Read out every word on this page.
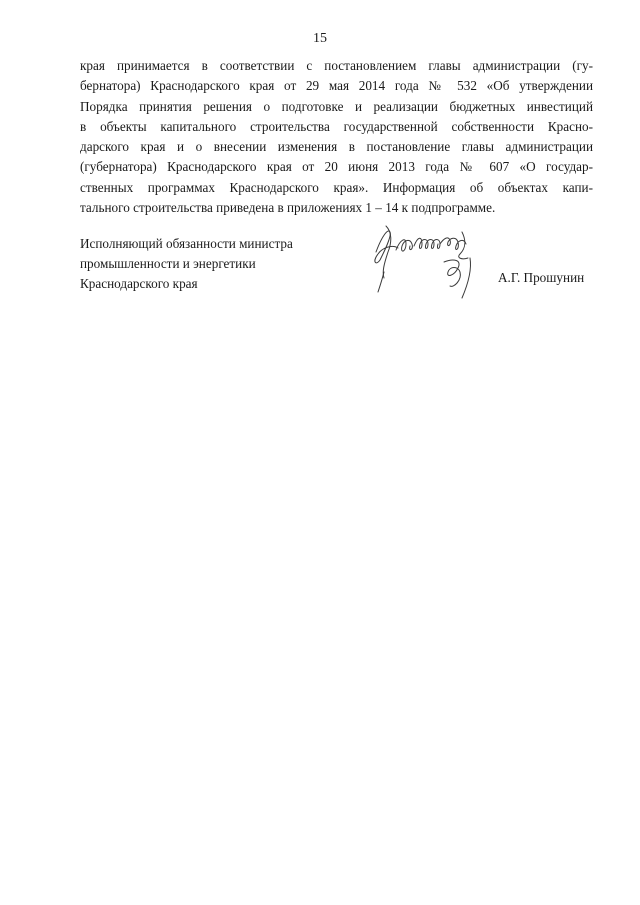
15
края принимается в соответствии с постановлением главы администрации (гу-
бернатора) Краснодарского края от 29 мая 2014 года № 532 «Об утверждении
Порядка принятия решения о подготовке и реализации бюджетных инвестиций
в объекты капитального строительства государственной собственности Красно-
дарского края и о внесении изменения в постановление главы администрации
(губернатора) Краснодарского края от 20 июня 2013 года № 607 «О государ-
ственных программах Краснодарского края». Информация об объектах капи-
тального строительства приведена в приложениях 1 – 14 к подпрограмме.
Исполняющий обязанности министра
промышленности и энергетики
Краснодарского края	А.Г. Прошунин
